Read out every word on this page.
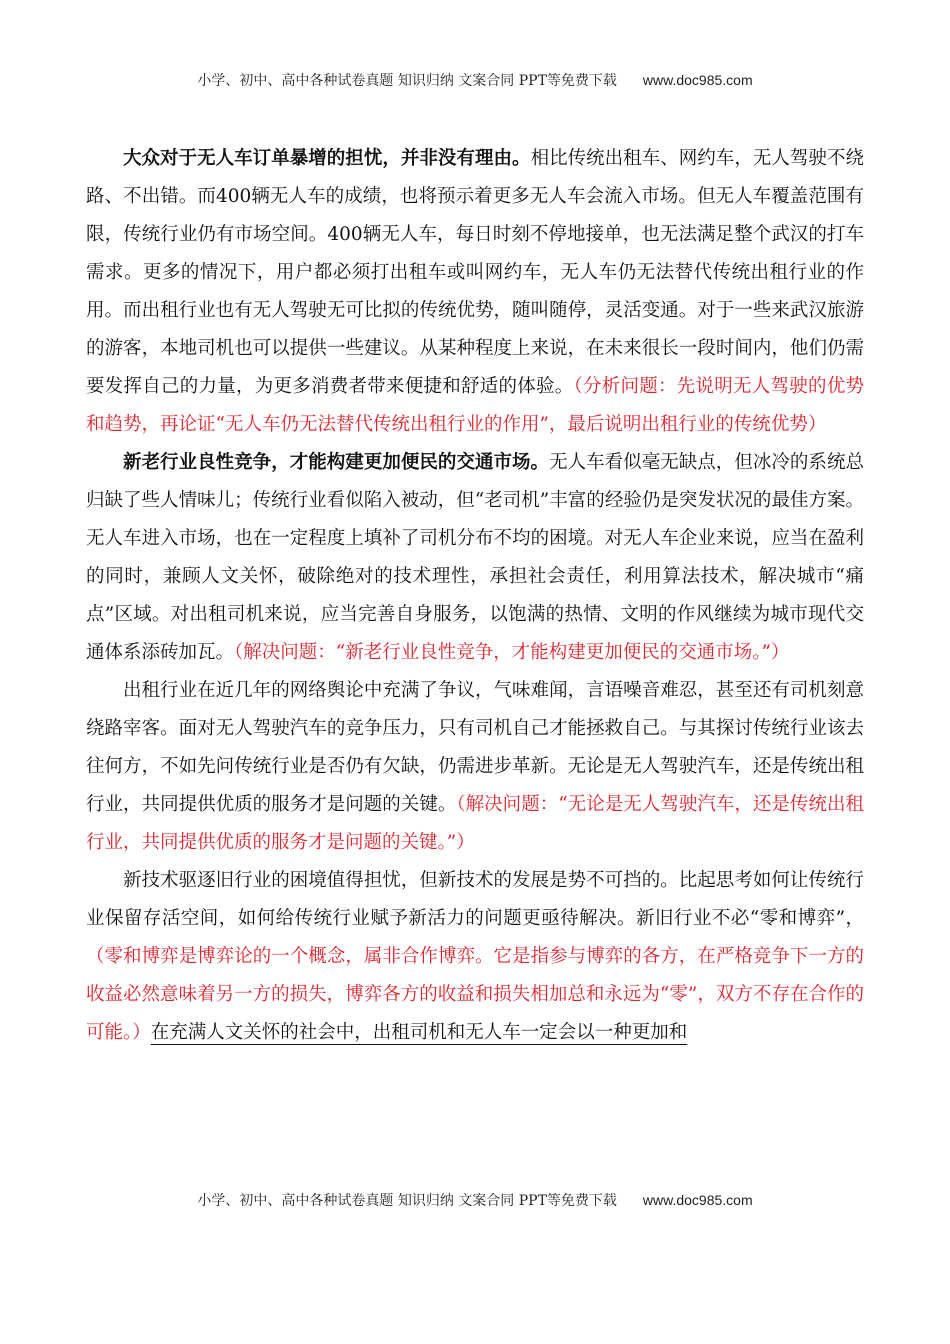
小学、初中、高中各种试卷真题 知识归纳 文案合同 PPT等免费下载 www.doc985.com

大众对于无人车订单暴增的担忧，并非没有理由。相比传统出租车、网约车，无人驾驶不绕路、不出错。而400辆无人车的成绩，也将预示着更多无人车会流入市场。但无人车覆盖范围有限，传统行业仍有市场空间。400辆无人车，每日时刻不停地接单，也无法满足整个武汉的打车需求。更多的情况下，用户都必须打出租车或叫网约车，无人车仍无法替代传统出租行业的作用。而出租行业也有无人驾驶无可比拟的传统优势，随叫随停，灵活变通。对于一些来武汉旅游的游客，本地司机也可以提供一些建议。从某种程度上来说，在未来很长一段时间内，他们仍需要发挥自己的力量，为更多消费者带来便捷和舒适的体验。（分析问题：先说明无人驾驶的优势和趋势，再论证“无人车仍无法替代传统出租行业的作用”，最后说明出租行业的传统优势）

新老行业良性竞争，才能构建更加便民的交通市场。无人车看似毫无缺点，但冰冷的系统总归缺了些人情味儿；传统行业看似陷入被动，但“老司机”丰富的经验仍是突发状况的最佳方案。无人车进入市场，也在一定程度上填补了司机分布不均的困境。对无人车企业来说，应当在盈利的同时，兼顾人文关怀，破除绝对的技术理性，承担社会责任，利用算法技术，解决城市“痛点”区域。对出租司机来说，应当完善自身服务，以饱满的热情、文明的作风继续为城市现代交通体系添砖加瓦。（解决问题：“新老行业良性竞争，才能构建更加便民的交通市场。”）

出租行业在近几年的网络舆论中充满了争议，气味难闻，言语噪音难忍，甚至还有司机刻意绕路宰客。面对无人驾驶汽车的竞争压力，只有司机自己才能拯救自己。与其探讨传统行业该去往何方，不如先问传统行业是否仍有欠缺，仍需进步革新。无论是无人驾驶汽车，还是传统出租行业，共同提供优质的服务才是问题的关键。（解决问题：“无论是无人驾驶汽车，还是传统出租行业，共同提供优质的服务才是问题的关键。”）

新技术驱逐旧行业的困境值得担忧，但新技术的发展是势不可挡的。比起思考如何让传统行业保留存活空间，如何给传统行业赋予新活力的问题更亟待解决。新旧行业不必“零和博弈”，（零和博弈是博弈论的一个概念，属非合作博弈。它是指参与博弈的各方，在严格竞争下一方的收益必然意味着另一方的损失，博弈各方的收益和损失相加总和永远为“零”，双方不存在合作的可能。）在充满人文关怀的社会中，出租司机和无人车一定会以一种更加和

小学、初中、高中各种试卷真题 知识归纳 文案合同 PPT等免费下载 www.doc985.com
